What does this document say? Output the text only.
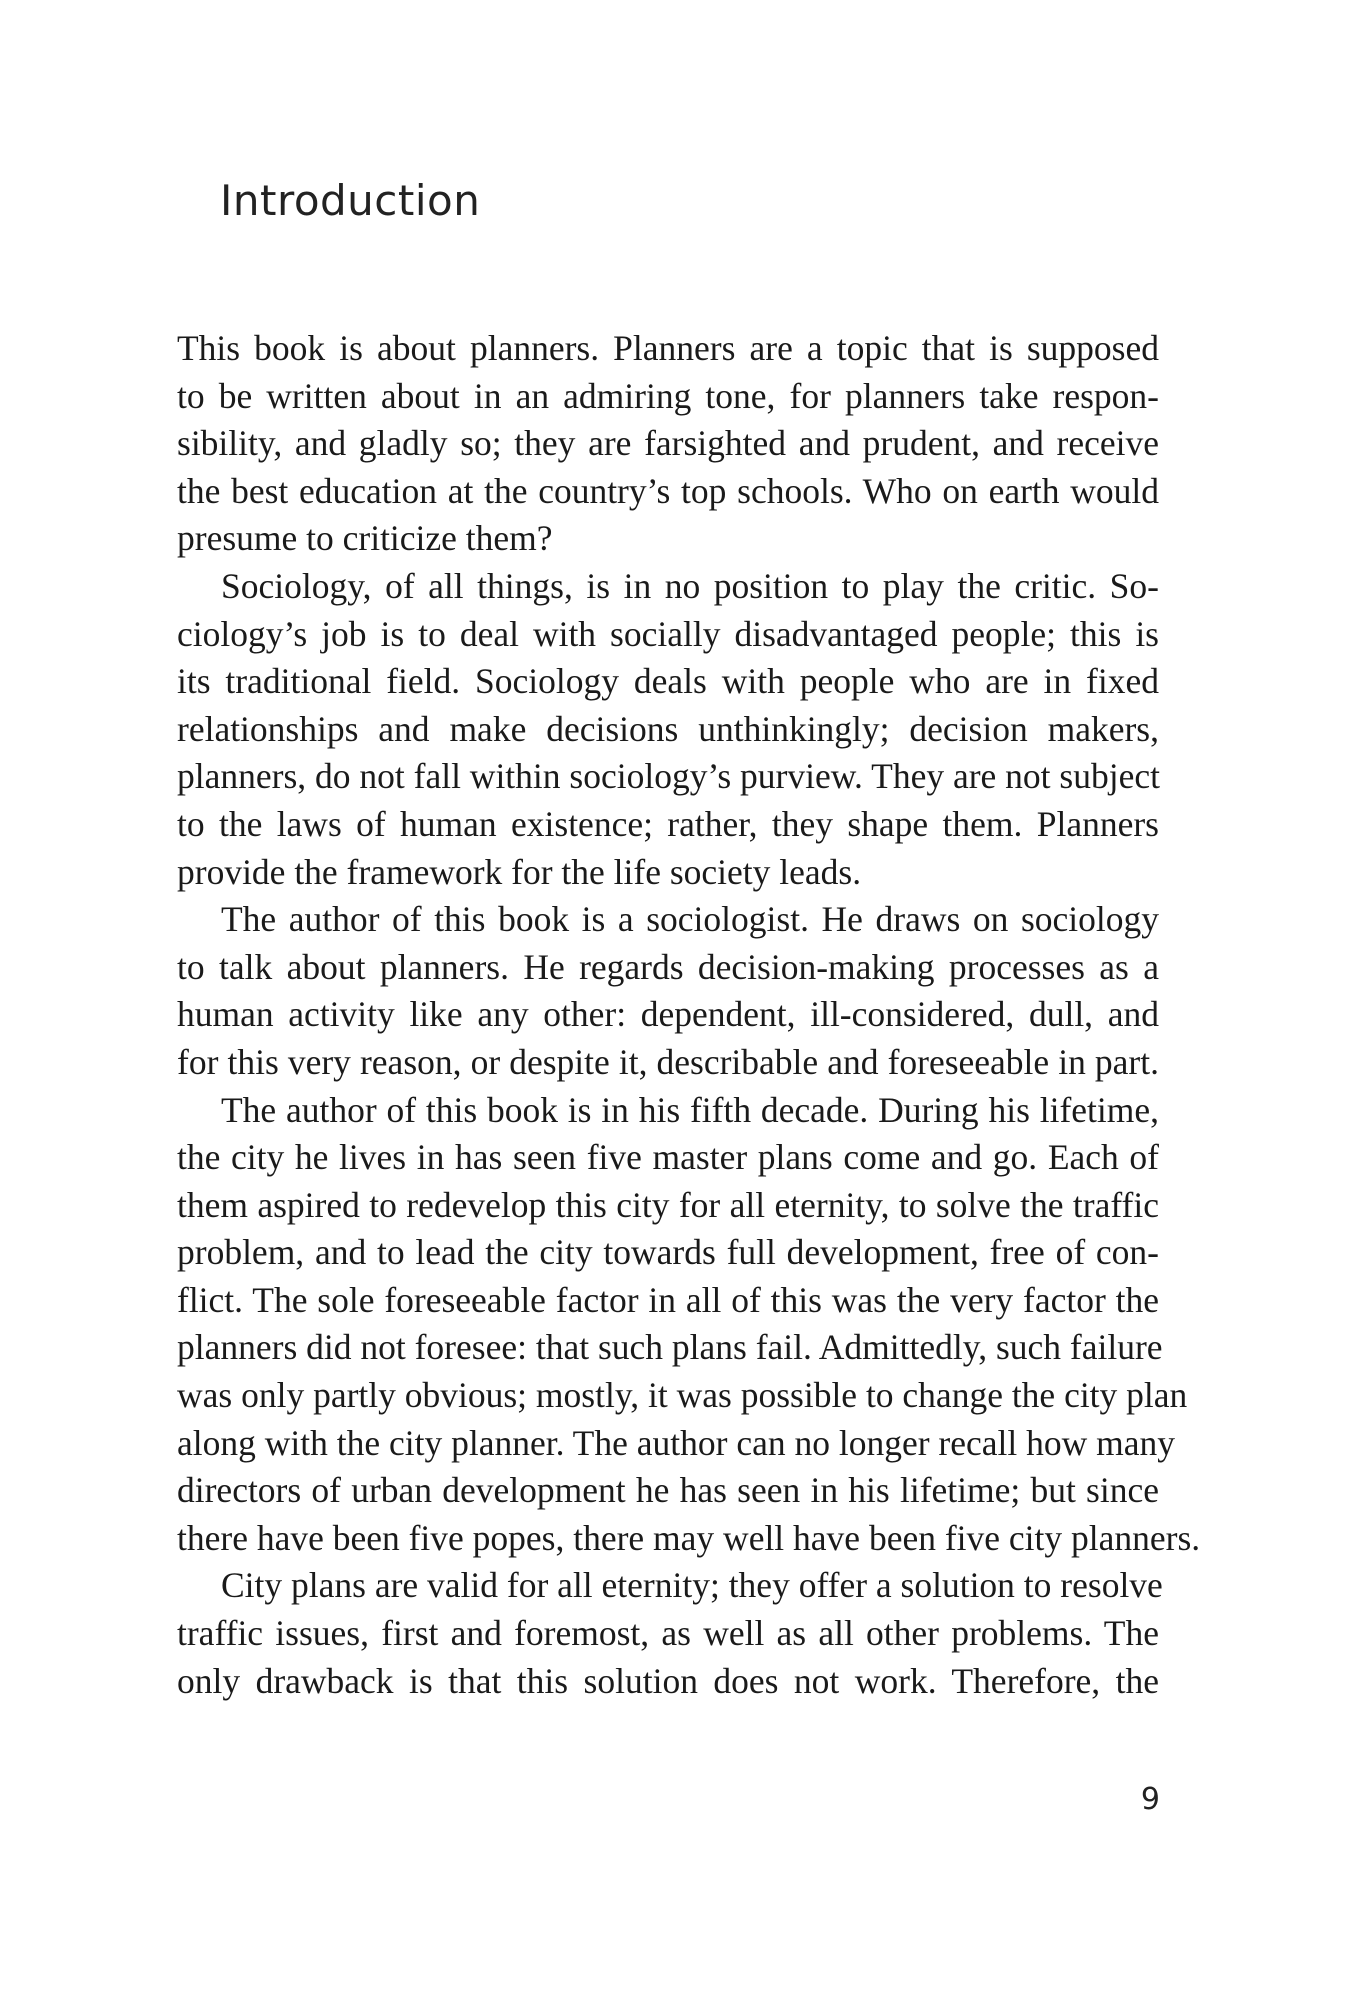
Introduction
This book is about planners. Planners are a topic that is supposed
to be written about in an admiring tone, for planners take respon-
sibility, and gladly so; they are farsighted and prudent, and receive
the best education at the country’s top schools. Who on earth would
presume to criticize them?
Sociology, of all things, is in no position to play the critic. So-
ciology’s job is to deal with socially disadvantaged people; this is
its traditional field. Sociology deals with people who are in fixed
relationships and make decisions unthinkingly; decision makers,
planners, do not fall within sociology’s purview. They are not subject
to the laws of human existence; rather, they shape them. Planners
provide the framework for the life society leads.
The author of this book is a sociologist. He draws on sociology
to talk about planners. He regards decision-making processes as a
human activity like any other: dependent, ill-considered, dull, and
for this very reason, or despite it, describable and foreseeable in part.
The author of this book is in his fifth decade. During his lifetime,
the city he lives in has seen five master plans come and go. Each of
them aspired to redevelop this city for all eternity, to solve the traffic
problem, and to lead the city towards full development, free of con-
flict. The sole foreseeable factor in all of this was the very factor the
planners did not foresee: that such plans fail. Admittedly, such failure
was only partly obvious; mostly, it was possible to change the city plan
along with the city planner. The author can no longer recall how many
directors of urban development he has seen in his lifetime; but since
there have been five popes, there may well have been five city planners.
City plans are valid for all eternity; they offer a solution to resolve
traffic issues, first and foremost, as well as all other problems. The
only drawback is that this solution does not work. Therefore, the

9
